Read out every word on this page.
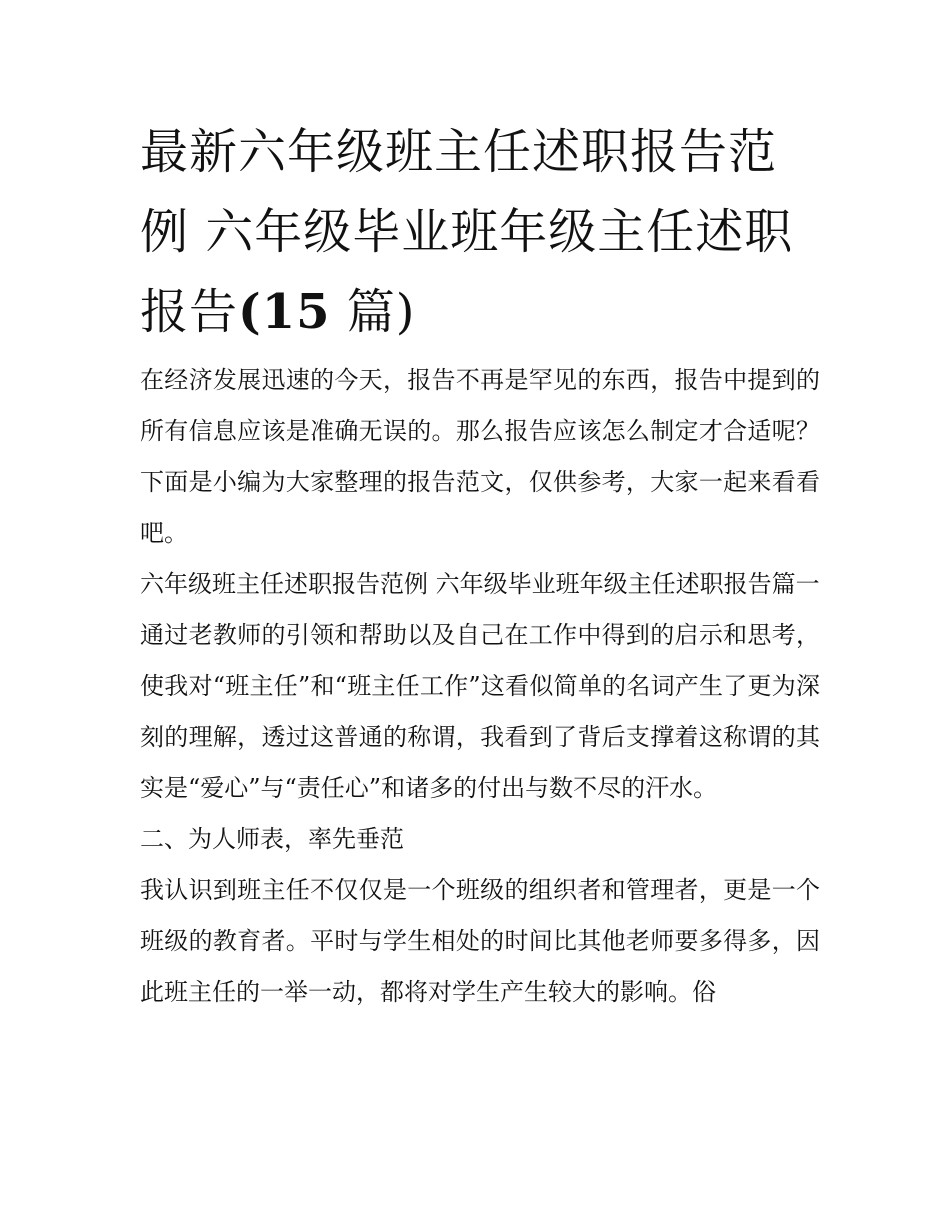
最新六年级班主任述职报告范例 六年级毕业班年级主任述职报告(15 篇)

在经济发展迅速的今天，报告不再是罕见的东西，报告中提到的所有信息应该是准确无误的。那么报告应该怎么制定才合适呢？下面是小编为大家整理的报告范文，仅供参考，大家一起来看看吧。

六年级班主任述职报告范例 六年级毕业班年级主任述职报告篇一

通过老教师的引领和帮助以及自己在工作中得到的启示和思考，使我对“班主任”和“班主任工作”这看似简单的名词产生了更为深刻的理解，透过这普通的称谓，我看到了背后支撑着这称谓的其实是“爱心”与“责任心”和诸多的付出与数不尽的汗水。

二、为人师表，率先垂范

我认识到班主任不仅仅是一个班级的组织者和管理者，更是一个班级的教育者。平时与学生相处的时间比其他老师要多得多，因此班主任的一举一动，都将对学生产生较大的影响。俗
